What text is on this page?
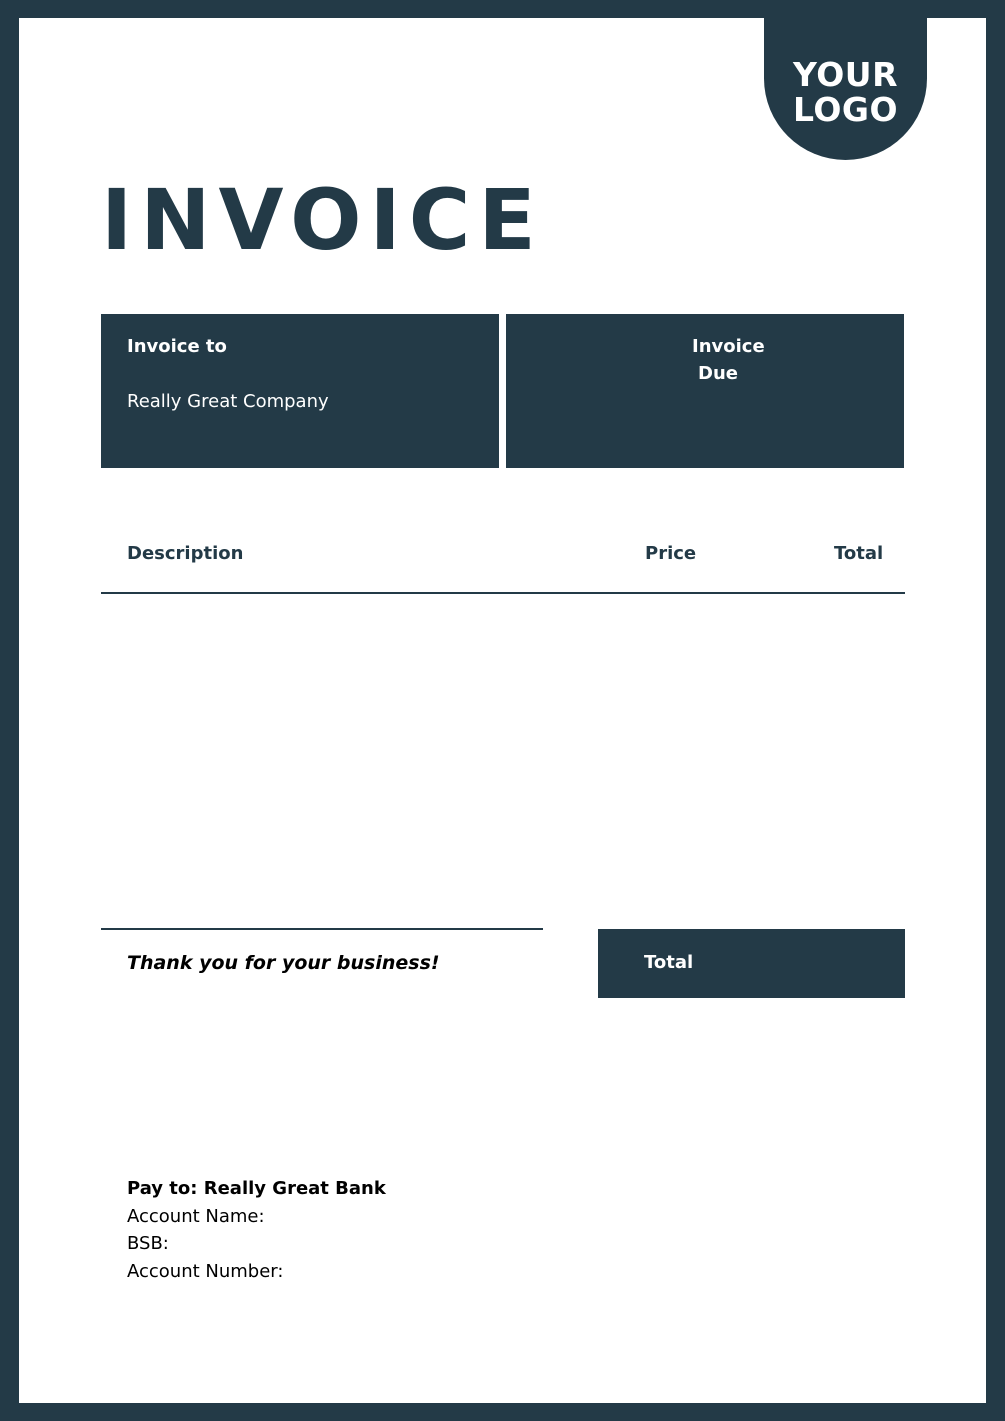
YOUR
LOGO
INVOICE
Invoice to
Really Great Company
Invoice
Due
Description	Price	Total
Thank you for your business!	Total
Pay to: Really Great Bank
Account Name:
BSB:
Account Number:
